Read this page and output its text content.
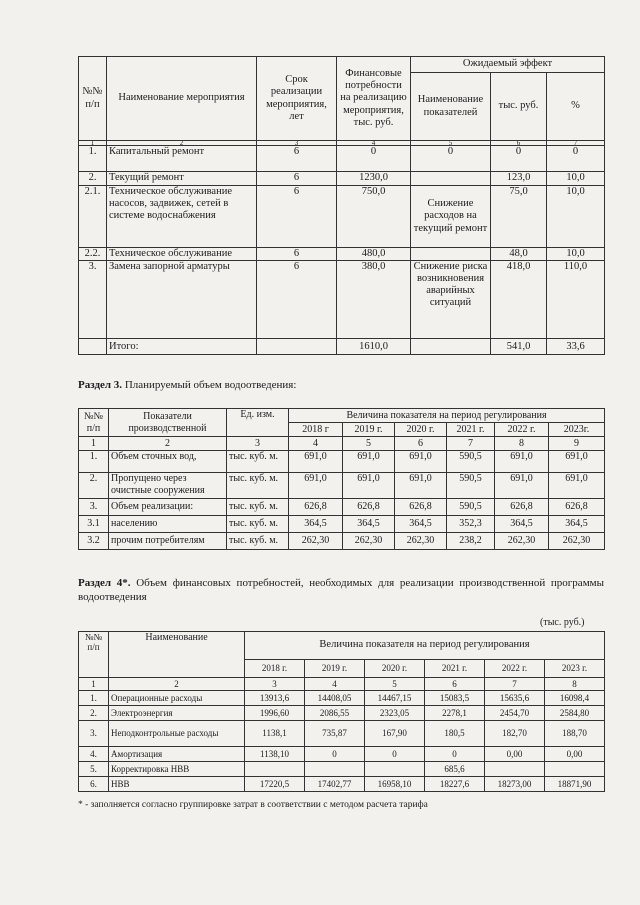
№№ п/п	Наименование мероприятия	Срок реализации мероприятия, лет	Финансовые потребности на реализацию мероприятия, тыс. руб.	Ожидаемый эффект		
				Наименование показателей	тыс. руб.	%
1	2	3	4	5	6	7
1.	Капитальный ремонт	6	0	0	0	0
2.	Текущий ремонт	6	1230,0		123,0	10,0
2.1.	Техническое обслуживание насосов, задвижек, сетей в системе водоснабжения	6	750,0	Снижение расходов на текущий ремонт	75,0	10,0
2.2.	Техническое обслуживание	6	480,0		48,0	10,0
3.	Замена запорной арматуры	6	380,0	Снижение риска возникновения аварийных ситуаций	418,0	110,0
	Итого:		1610,0		541,0	33,6
Раздел 3. Планируемый объем водоотведения:
№№ п/п	Показатели производственной	Ед. изм.	Величина показателя на период регулирования					
			2018 г	2019 г.	2020 г.	2021 г.	2022 г.	2023г.
1	2	3	4	5	6	7	8	9
1.	Объем сточных вод,	тыс. куб. м.	691,0	691,0	691,0	590,5	691,0	691,0
2.	Пропущено через очистные сооружения	тыс. куб. м.	691,0	691,0	691,0	590,5	691,0	691,0
3.	Объем реализации:	тыс. куб. м.	626,8	626,8	626,8	590,5	626,8	626,8
3.1	населению	тыс. куб. м.	364,5	364,5	364,5	352,3	364,5	364,5
3.2	прочим потребителям	тыс. куб. м.	262,30	262,30	262,30	238,2	262,30	262,30
Раздел 4*. Объем финансовых потребностей, необходимых для реализации производственной программы водоотведения
(тыс. руб.)
№№ п/п	Наименование	Величина показателя на период регулирования					
		2018 г.	2019 г.	2020 г.	2021 г.	2022 г.	2023 г.
1	2	3	4	5	6	7	8
1.	Операционные расходы	13913,6	14408,05	14467,15	15083,5	15635,6	16098,4
2.	Электроэнергия	1996,60	2086,55	2323,05	2278,1	2454,70	2584,80
3.	Неподконтрольные расходы	1138,1	735,87	167,90	180,5	182,70	188,70
4.	Амортизация	1138,10	0	0	0	0,00	0,00
5.	Корректировка НВВ				685,6		
6.	НВВ	17220,5	17402,77	16958,10	18227,6	18273,00	18871,90
* - заполняется согласно группировке затрат в соответствии с методом расчета тарифа
